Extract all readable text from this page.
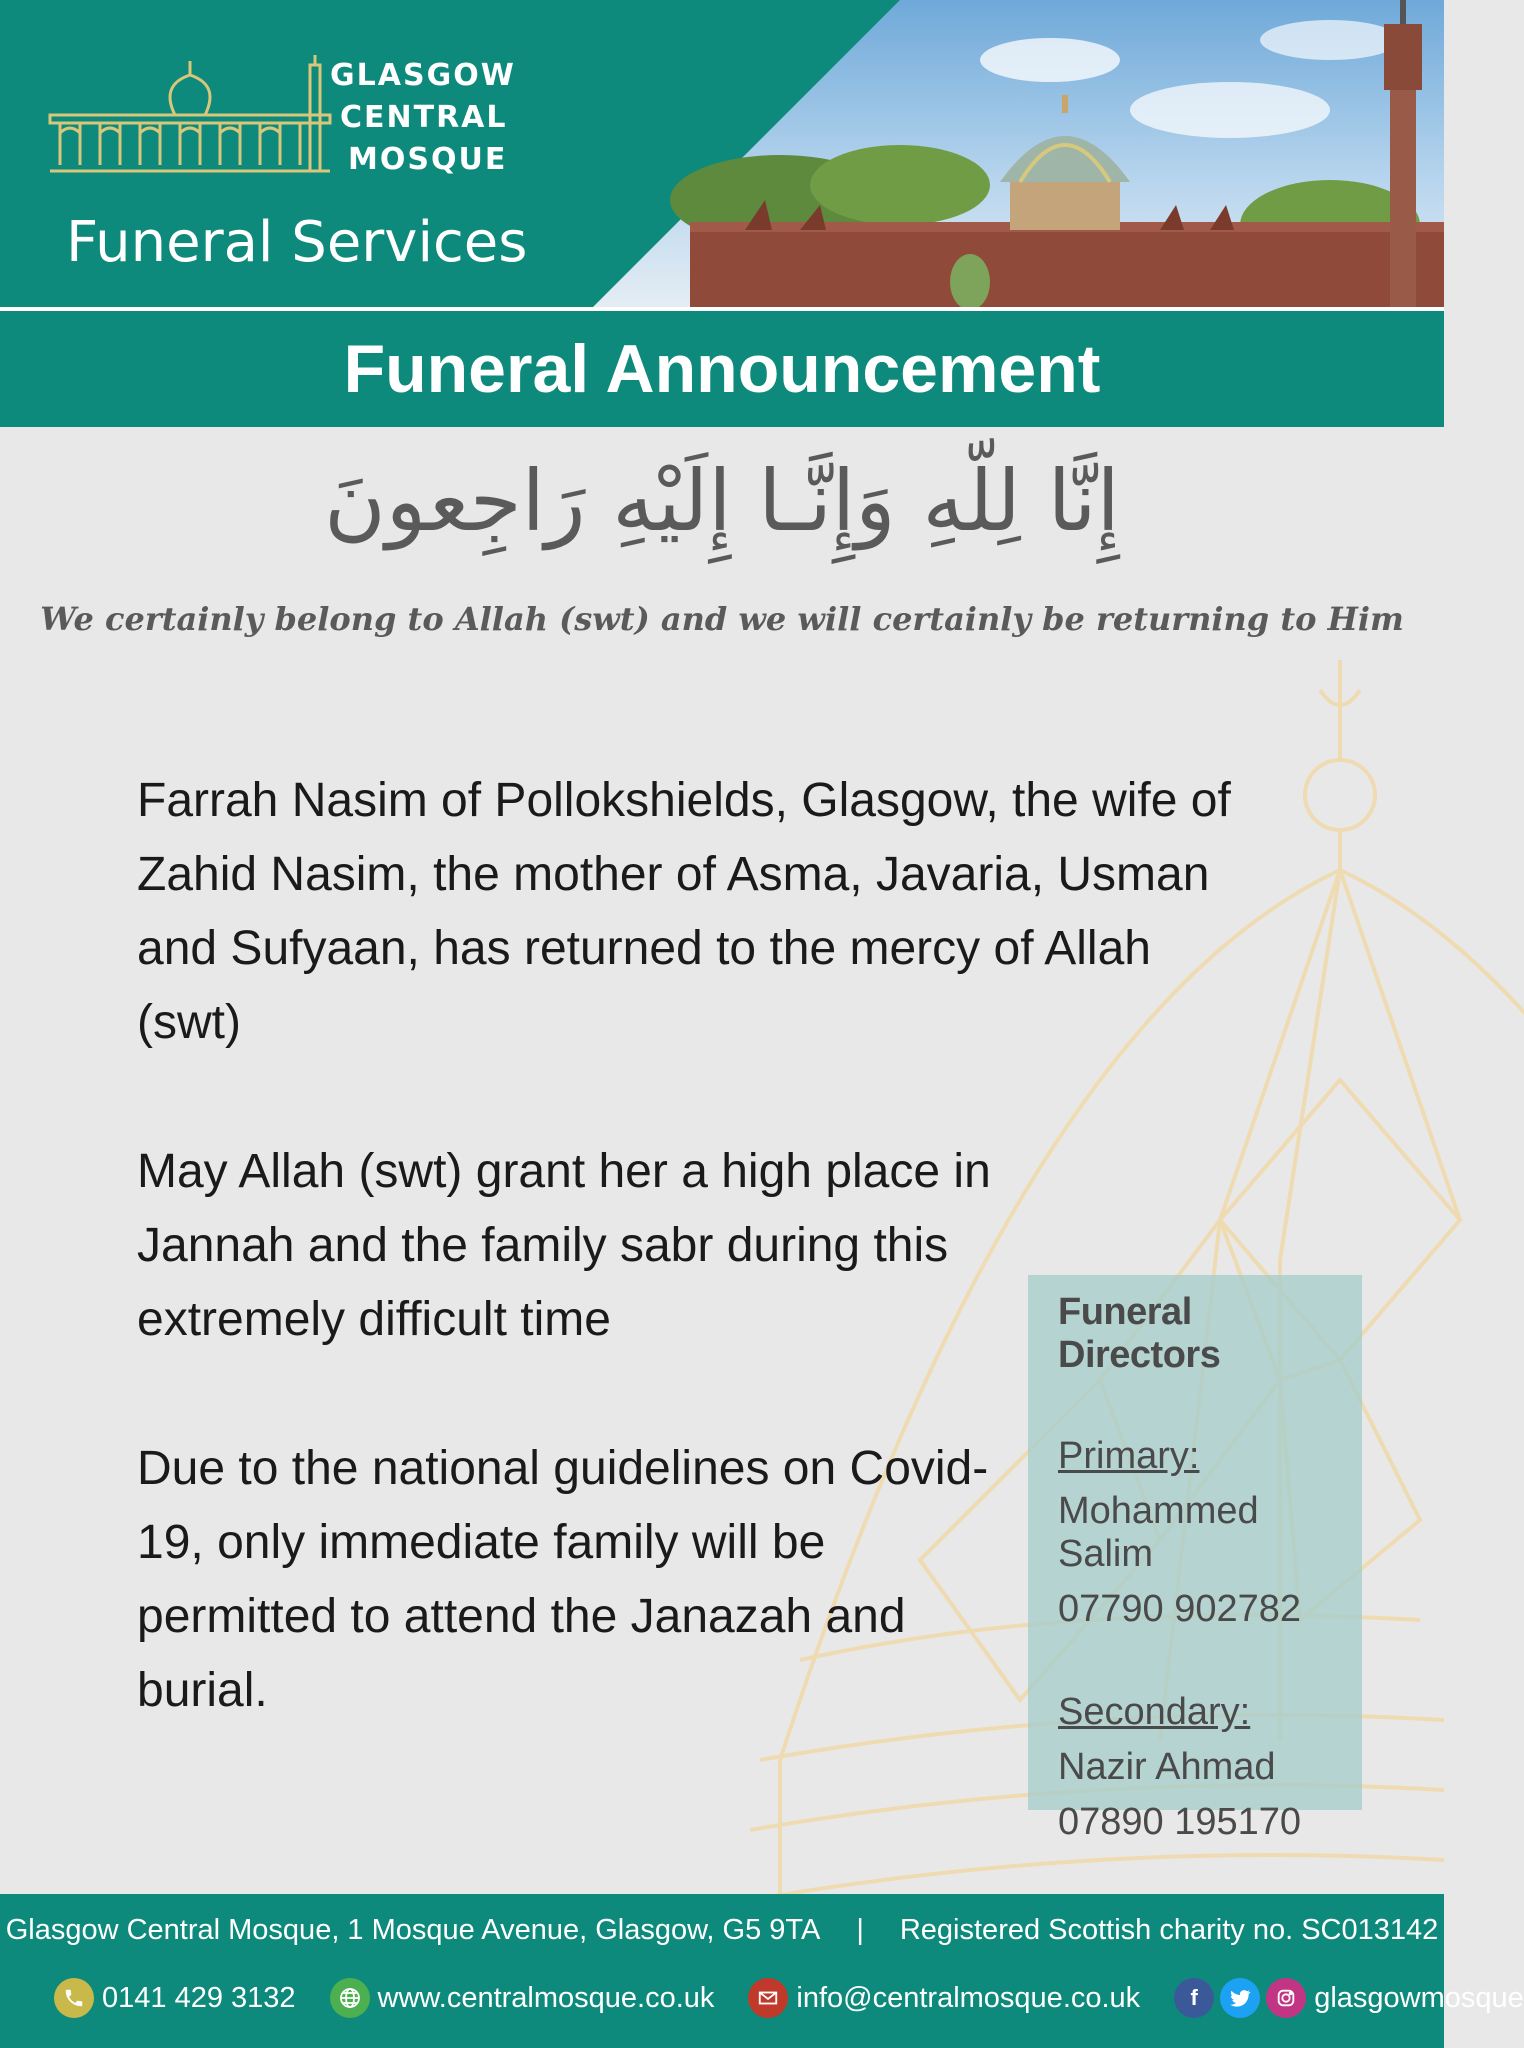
GLASGOW
CENTRAL
MOSQUE
Funeral Services
Funeral Announcement
إِنَّا لِلّهِ وَإِنَّـا إِلَيْهِ رَاجِعونَ
We certainly belong to Allah (swt) and we will certainly be returning to Him

Farrah Nasim of Pollokshields, Glasgow, the wife of Zahid Nasim, the mother of Asma, Javaria, Usman and Sufyaan, has returned to the mercy of Allah (swt)

May Allah (swt) grant her a high place in Jannah and the family sabr during this extremely difficult time

Due to the national guidelines on Covid-19, only immediate family will be permitted to attend the Janazah and burial.

Funeral Directors
Primary:
Mohammed Salim
07790 902782
Secondary:
Nazir Ahmad
07890 195170
Glasgow Central Mosque, 1 Mosque Avenue, Glasgow, G5 9TA | Registered Scottish charity no. SC013142
0141 429 3132	www.centralmosque.co.uk	info@centralmosque.co.uk	f	glasgowmosque
